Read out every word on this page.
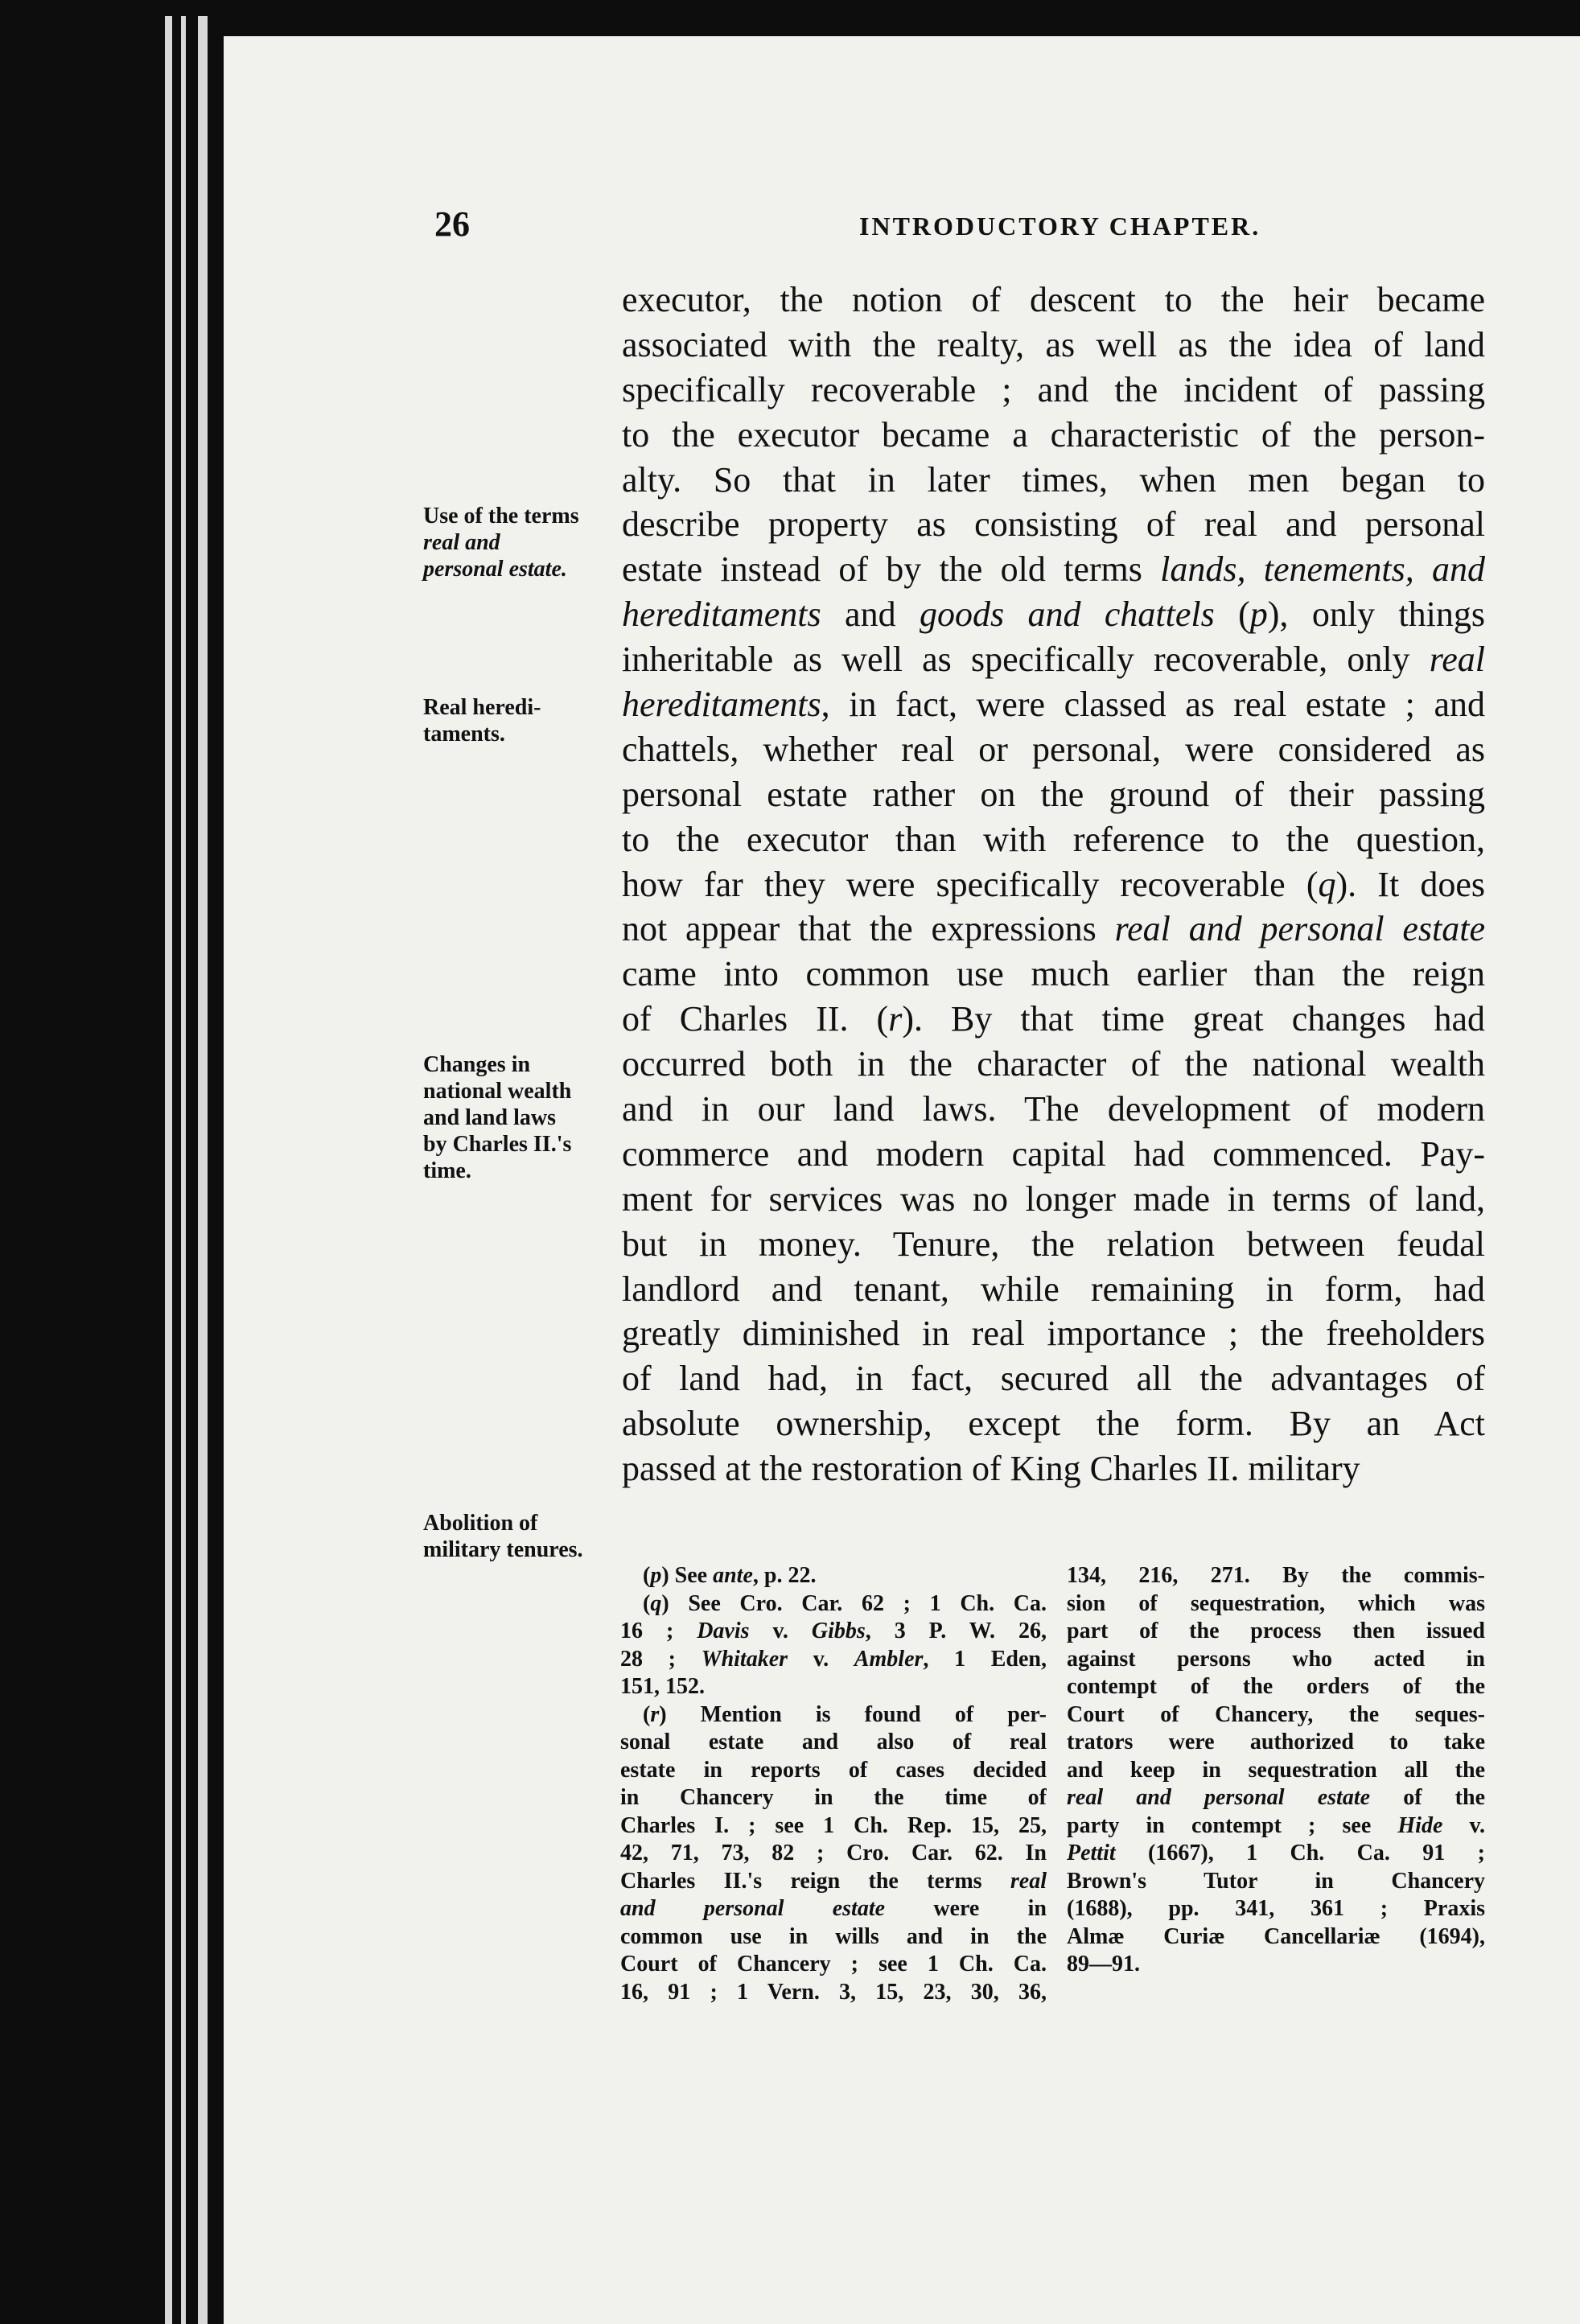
26	INTRODUCTORY CHAPTER.
Use of the terms real and personal estate.
Real heredi-
taments.
Changes in national wealth and land laws by Charles II.'s time.
Abolition of military tenures.
executor, the notion of descent to the heir became
associated with the realty, as well as the idea of land
specifically recoverable ; and the incident of passing
to the executor became a characteristic of the person-
alty. So that in later times, when men began to
describe property as consisting of real and personal
estate instead of by the old terms lands, tenements, and
hereditaments and goods and chattels (p), only things
inheritable as well as specifically recoverable, only real
hereditaments, in fact, were classed as real estate ; and
chattels, whether real or personal, were considered as
personal estate rather on the ground of their passing
to the executor than with reference to the question,
how far they were specifically recoverable (q). It does
not appear that the expressions real and personal estate
came into common use much earlier than the reign
of Charles II. (r). By that time great changes had
occurred both in the character of the national wealth
and in our land laws. The development of modern
commerce and modern capital had commenced. Pay-
ment for services was no longer made in terms of land,
but in money. Tenure, the relation between feudal
landlord and tenant, while remaining in form, had
greatly diminished in real importance ; the freeholders
of land had, in fact, secured all the advantages of
absolute ownership, except the form. By an Act
passed at the restoration of King Charles II. military
(p) See ante, p. 22.
(q) See Cro. Car. 62 ; 1 Ch. Ca.
16 ; Davis v. Gibbs, 3 P. W. 26,
28 ; Whitaker v. Ambler, 1 Eden,
151, 152.
(r) Mention is found of per-
sonal estate and also of real
estate in reports of cases decided
in Chancery in the time of
Charles I. ; see 1 Ch. Rep. 15, 25,
42, 71, 73, 82 ; Cro. Car. 62. In
Charles II.'s reign the terms real
and personal estate were in
common use in wills and in the
Court of Chancery ; see 1 Ch. Ca.
16, 91 ; 1 Vern. 3, 15, 23, 30, 36,
134, 216, 271. By the commis-
sion of sequestration, which was
part of the process then issued
against persons who acted in
contempt of the orders of the
Court of Chancery, the seques-
trators were authorized to take
and keep in sequestration all the
real and personal estate of the
party in contempt ; see Hide v.
Pettit (1667), 1 Ch. Ca. 91 ;
Brown's Tutor in Chancery
(1688), pp. 341, 361 ; Praxis
Almæ Curiæ Cancellariæ (1694),
89—91.
